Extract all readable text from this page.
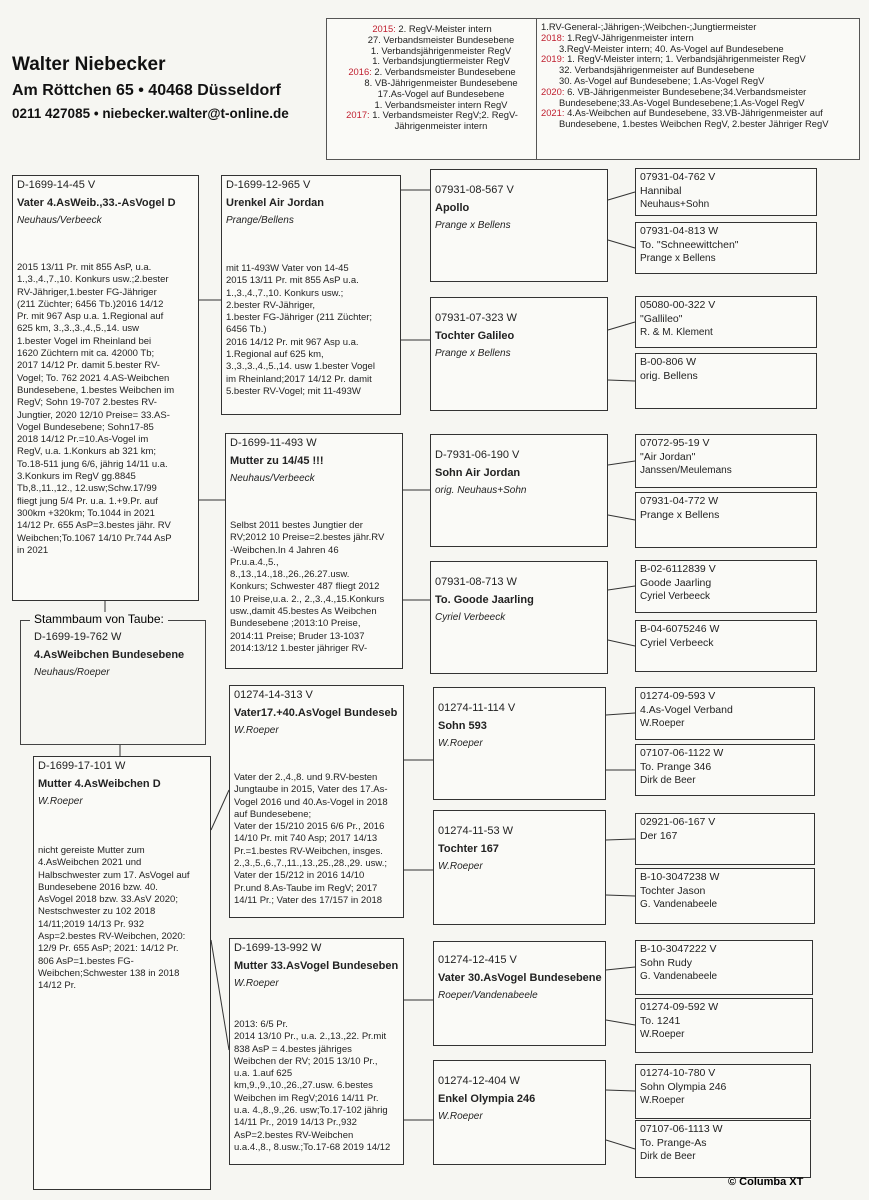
Walter Niebecker
Am Röttchen 65 • 40468 Düsseldorf
0211 427085 • niebecker.walter@t-online.de
2015: 2. RegV-Meister intern
27. Verbandsmeister Bundesebene
1. Verbandsjährigenmeister RegV
1. Verbandsjungtiermeister RegV
2016: 2. Verbandsmeister Bundesebene
8. VB-Jährigenmeister Bundesebene
17.As-Vogel auf Bundesebene
1. Verbandsmeister intern RegV
2017: 1. Verbandsmeister RegV;2. RegV-
Jährigenmeister intern
1.RV-General-;Jährigen-;Weibchen-;Jungtiermeister
2018: 1.RegV-Jährigenmeister intern
3.RegV-Meister intern; 40. As-Vogel auf Bundesebene
2019: 1. RegV-Meister intern; 1. Verbandsjährigenmeister RegV
32. Verbandsjährigenmeister auf Bundesebene
30. As-Vogel auf Bundesebene; 1.As-Vogel RegV
2020: 6. VB-Jährigenmeister Bundesebene;34.Verbandsmeister
Bundesebene;33.As-Vogel Bundesebene;1.As-Vogel RegV
2021: 4.As-Weibchen auf Bundesebene, 33.VB-Jährigenmeister auf
Bundesebene, 1.bestes Weibchen RegV, 2.bester Jähriger RegV
D-1699-14-45 V
Vater 4.AsWeib.,33.-AsVogel D
Neuhaus/Verbeeck
2015 13/11 Pr. mit 855 AsP, u.a.
1.,3.,4.,7.,10. Konkurs usw.;2.bester
RV-Jähriger,1.bester FG-Jähriger
(211 Züchter; 6456 Tb.)2016 14/12
Pr. mit 967 Asp u.a. 1.Regional auf
625 km, 3.,3.,3.,4.,5.,14. usw
1.bester Vogel im Rheinland bei
1620 Züchtern mit ca. 42000 Tb;
2017 14/12 Pr. damit 5.bester RV-
Vogel; To. 762 2021 4.AS-Weibchen
Bundesebene, 1.bestes Weibchen im
RegV; Sohn 19-707 2.bestes RV-
Jungtier, 2020 12/10 Preise= 33.AS-
Vogel Bundesebene; Sohn17-85
2018 14/12 Pr.=10.As-Vogel im
RegV, u.a. 1.Konkurs ab 321 km;
To.18-511 jung 6/6, jährig 14/11 u.a.
3.Konkurs im RegV gg.8845
Tb,8.,11.,12., 12.usw;Schw.17/99
fliegt jung 5/4 Pr. u.a. 1.+9.Pr. auf
300km +320km; To.1044 in 2021
14/12 Pr. 655 AsP=3.bestes jähr. RV
Weibchen;To.1067 14/10 Pr.744 AsP
in 2021
Stammbaum von Taube:
D-1699-19-762 W
4.AsWeibchen Bundesebene
Neuhaus/Roeper
D-1699-17-101 W
Mutter 4.AsWeibchen D
W.Roeper
nicht gereiste Mutter zum
4.AsWeibchen 2021 und
Halbschwester zum 17. AsVogel auf
Bundesebene 2016 bzw. 40.
AsVogel 2018 bzw. 33.AsV 2020;
Nestschwester zu 102 2018
14/11;2019 14/13 Pr. 932
Asp=2.bestes RV-Weibchen, 2020:
12/9 Pr. 655 AsP; 2021: 14/12 Pr.
806 AsP=1.bestes FG-
Weibchen;Schwester 138 in 2018
14/12 Pr.
D-1699-12-965 V
Urenkel Air Jordan
Prange/Bellens
mit 11-493W Vater von 14-45
2015 13/11 Pr. mit 855 AsP u.a.
1.,3.,4.,7.,10. Konkurs usw.;
2.bester RV-Jähriger,
1.bester FG-Jähriger (211 Züchter;
6456 Tb.)
2016 14/12 Pr. mit 967 Asp u.a.
1.Regional auf 625 km,
3.,3.,3.,4.,5.,14. usw 1.bester Vogel
im Rheinland;2017 14/12 Pr. damit
5.bester RV-Vogel; mit 11-493W
D-1699-11-493 W
Mutter zu 14/45 !!!
Neuhaus/Verbeeck
Selbst 2011 bestes Jungtier der
RV;2012 10 Preise=2.bestes jähr.RV
-Weibchen.In 4 Jahren 46
Pr.u.a.4.,5.,
8.,13.,14.,18.,26.,26.27.usw.
Konkurs; Schwester 487 fliegt 2012
10 Preise,u.a. 2., 2.,3.,4.,15.Konkurs
usw.,damit 45.bestes As Weibchen
Bundesebene ;2013:10 Preise,
2014:11 Preise; Bruder 13-1037
2014:13/12 1.bester jähriger RV-
01274-14-313 V
Vater17.+40.AsVogel Bundeseb
W.Roeper
Vater der 2.,4.,8. und 9.RV-besten
Jungtaube in 2015, Vater des 17.As-
Vogel 2016 und 40.As-Vogel in 2018
auf Bundesebene;
Vater der 15/210 2015 6/6 Pr., 2016
14/10 Pr. mit 740 Asp; 2017 14/13
Pr.=1.bestes RV-Weibchen, insges.
2.,3.,5.,6.,7.,11.,13.,25.,28.,29. usw.;
Vater der 15/212 in 2016 14/10
Pr.und 8.As-Taube im RegV; 2017
14/11 Pr.; Vater des 17/157 in 2018
D-1699-13-992 W
Mutter 33.AsVogel Bundeseben
W.Roeper
2013: 6/5 Pr.
2014 13/10 Pr., u.a. 2.,13.,22. Pr.mit
838 AsP = 4.bestes jähriges
Weibchen der RV; 2015 13/10 Pr.,
u.a. 1.auf 625
km,9.,9.,10.,26.,27.usw. 6.bestes
Weibchen im RegV;2016 14/11 Pr.
u.a. 4.,8.,9.,26. usw;To.17-102 jährig
14/11 Pr., 2019 14/13 Pr.,932
AsP=2.bestes RV-Weibchen
u.a.4.,8., 8.usw.;To.17-68 2019 14/12
07931-08-567 V
Apollo
Prange x Bellens
07931-07-323 W
Tochter Galileo
Prange x Bellens
D-7931-06-190 V
Sohn Air Jordan
orig. Neuhaus+Sohn
07931-08-713 W
To. Goode Jaarling
Cyriel Verbeeck
01274-11-114 V
Sohn 593
W.Roeper
01274-11-53 W
Tochter 167
W.Roeper
01274-12-415 V
Vater 30.AsVogel Bundesebene
Roeper/Vandenabeele
01274-12-404 W
Enkel Olympia 246
W.Roeper
07931-04-762 V
Hannibal
Neuhaus+Sohn
07931-04-813 W
To. "Schneewittchen"
Prange x Bellens
05080-00-322 V
"Gallileo"
R. & M. Klement
B-00-806 W
orig. Bellens
07072-95-19 V
"Air Jordan"
Janssen/Meulemans
07931-04-772 W
Prange x Bellens
B-02-6112839 V
Goode Jaarling
Cyriel Verbeeck
B-04-6075246 W
Cyriel Verbeeck
01274-09-593 V
4.As-Vogel Verband
W.Roeper
07107-06-1122 W
To. Prange 346
Dirk de Beer
02921-06-167 V
Der 167
B-10-3047238 W
Tochter Jason
G. Vandenabeele
B-10-3047222 V
Sohn Rudy
G. Vandenabeele
01274-09-592 W
To. 1241
W.Roeper
01274-10-780 V
Sohn Olympia 246
W.Roeper
07107-06-1113 W
To. Prange-As
Dirk de Beer
© Columba XT
